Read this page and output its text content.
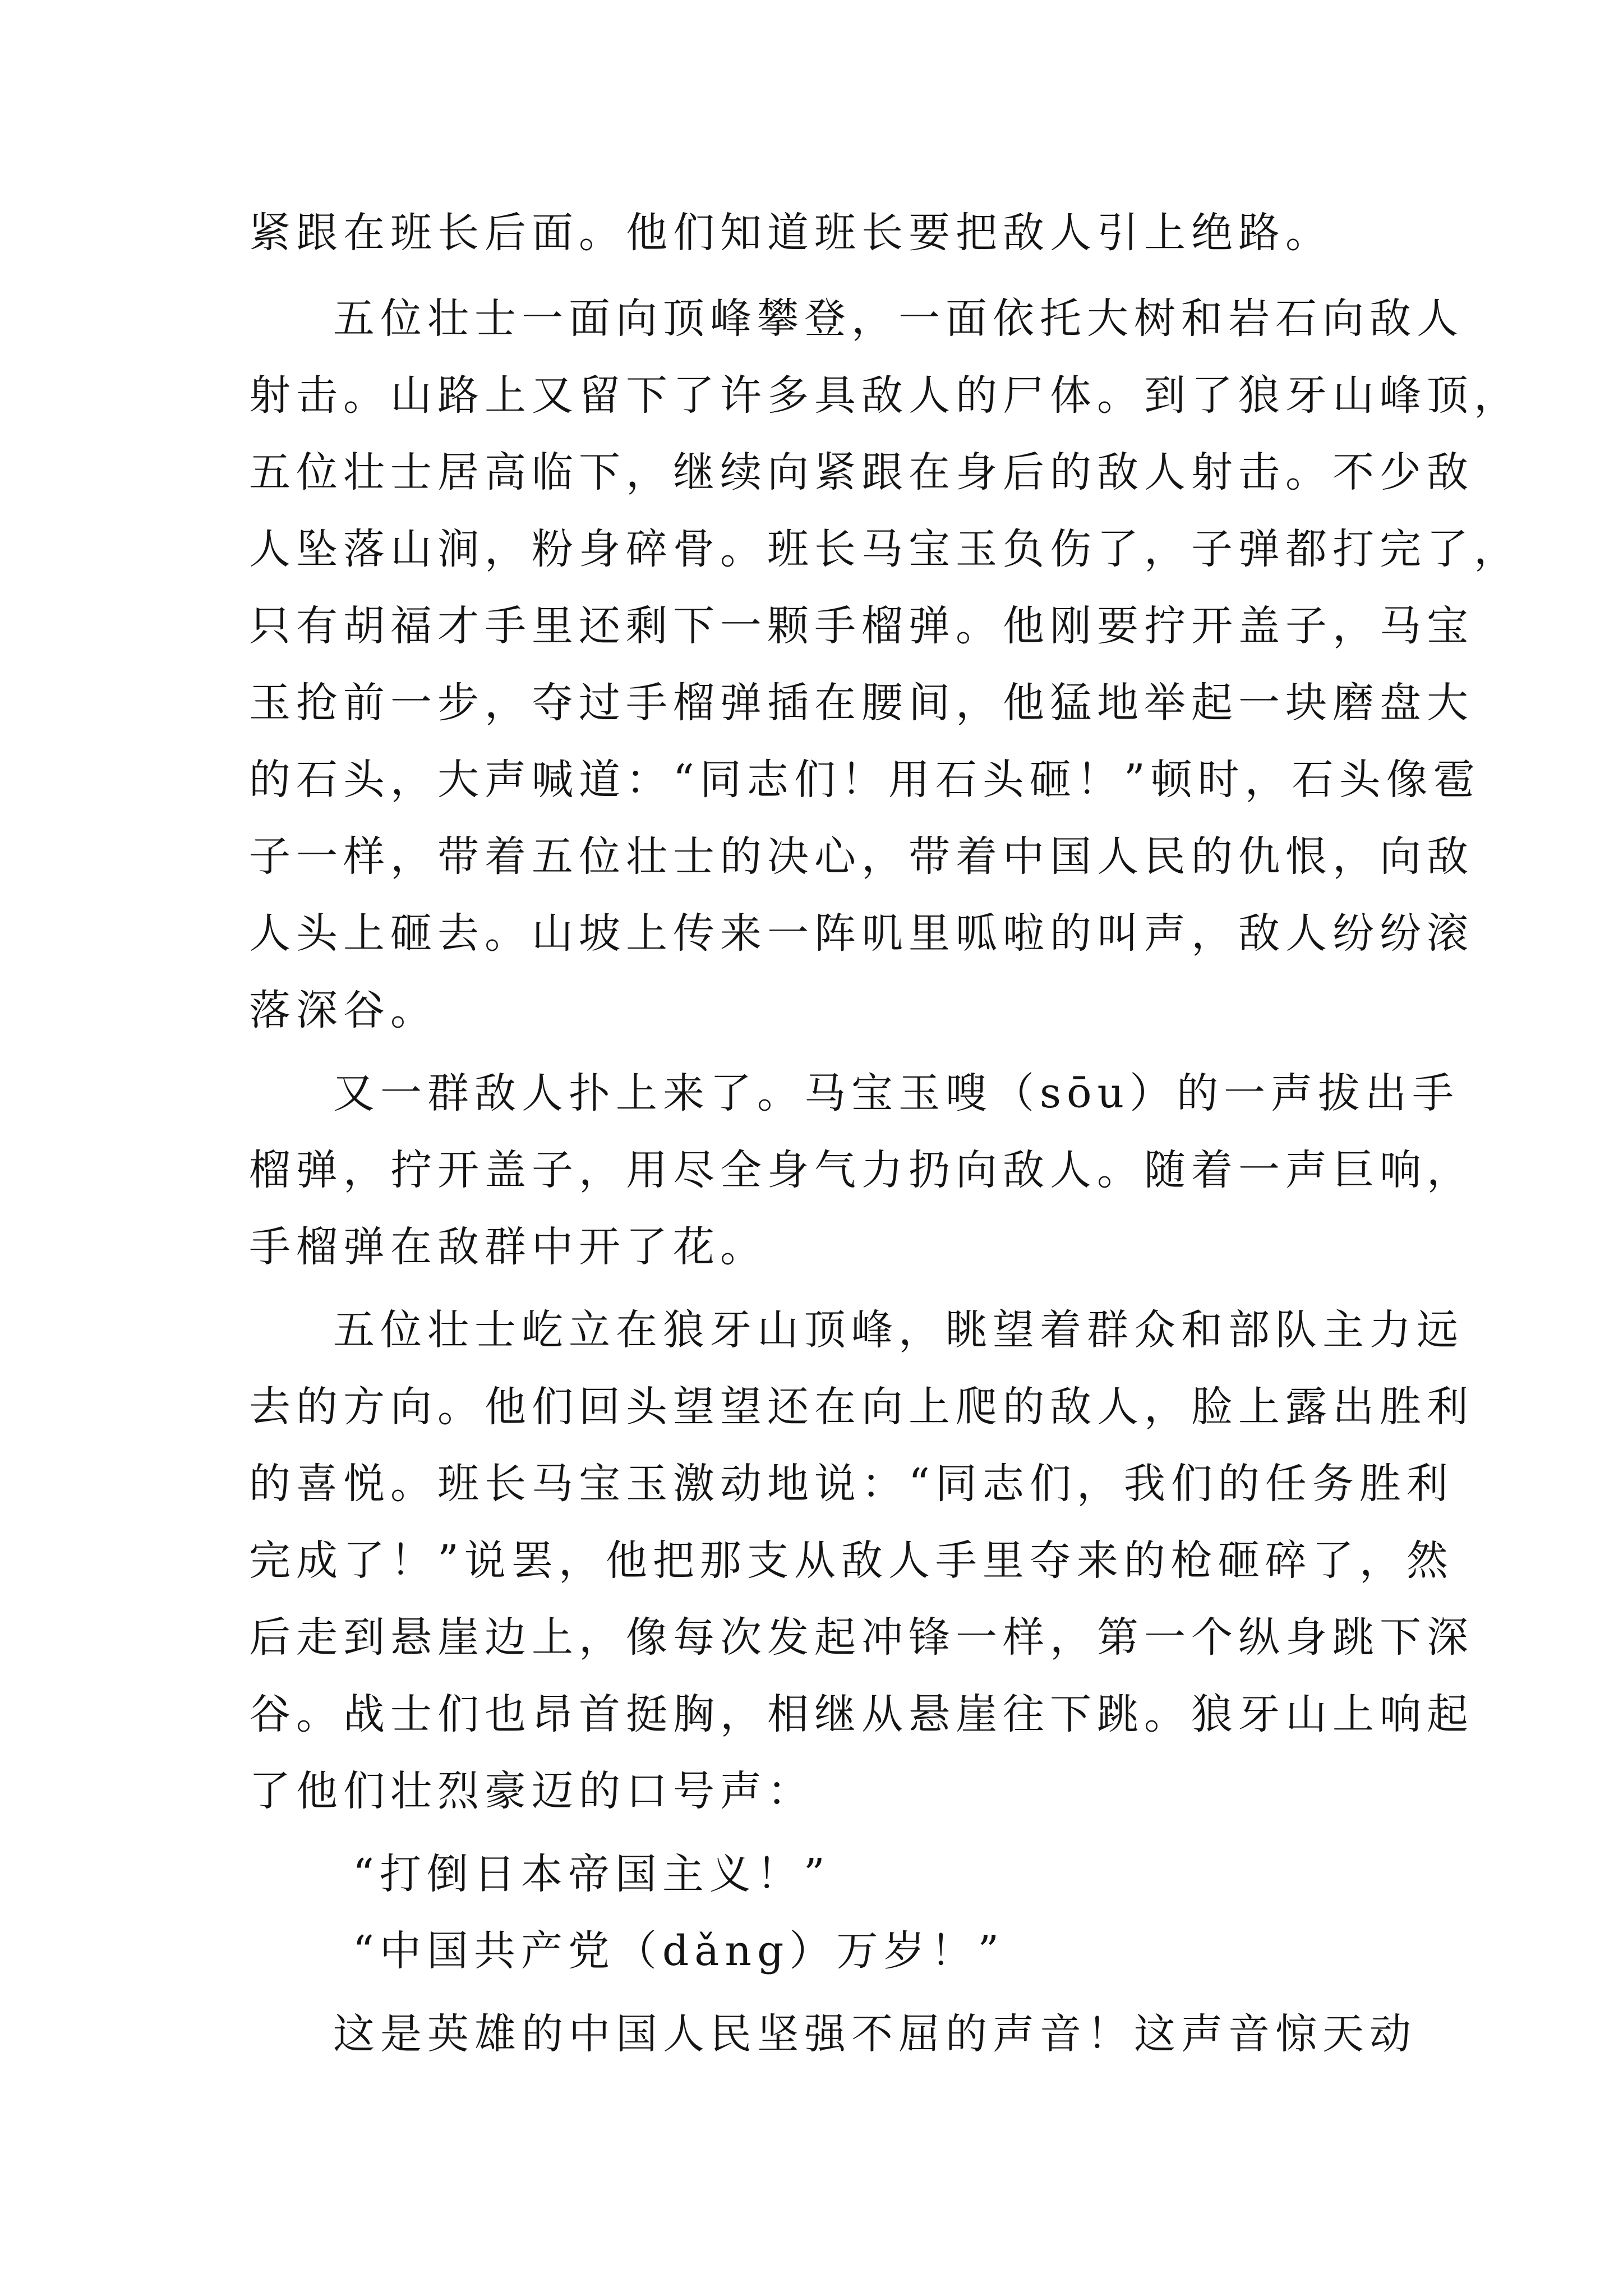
紧跟在班长后面。他们知道班长要把敌人引上绝路。
五位壮士一面向顶峰攀登，一面依托大树和岩石向敌人
射击。山路上又留下了许多具敌人的尸体。到了狼牙山峰顶，
五位壮士居高临下，继续向紧跟在身后的敌人射击。不少敌
人坠落山涧，粉身碎骨。班长马宝玉负伤了，子弹都打完了，
只有胡福才手里还剩下一颗手榴弹。他刚要拧开盖子，马宝
玉抢前一步，夺过手榴弹插在腰间，他猛地举起一块磨盘大
的石头，大声喊道：“同志们！用石头砸！”顿时，石头像雹
子一样，带着五位壮士的决心，带着中国人民的仇恨，向敌
人头上砸去。山坡上传来一阵叽里呱啦的叫声，敌人纷纷滚
落深谷。
又一群敌人扑上来了。马宝玉嗖（sōu）的一声拔出手
榴弹，拧开盖子，用尽全身气力扔向敌人。随着一声巨响，
手榴弹在敌群中开了花。
五位壮士屹立在狼牙山顶峰，眺望着群众和部队主力远
去的方向。他们回头望望还在向上爬的敌人，脸上露出胜利
的喜悦。班长马宝玉激动地说：“同志们，我们的任务胜利
完成了！”说罢，他把那支从敌人手里夺来的枪砸碎了，然
后走到悬崖边上，像每次发起冲锋一样，第一个纵身跳下深
谷。战士们也昂首挺胸，相继从悬崖往下跳。狼牙山上响起
了他们壮烈豪迈的口号声：
“打倒日本帝国主义！”
“中国共产党（dǎng）万岁！”
这是英雄的中国人民坚强不屈的声音！这声音惊天动
